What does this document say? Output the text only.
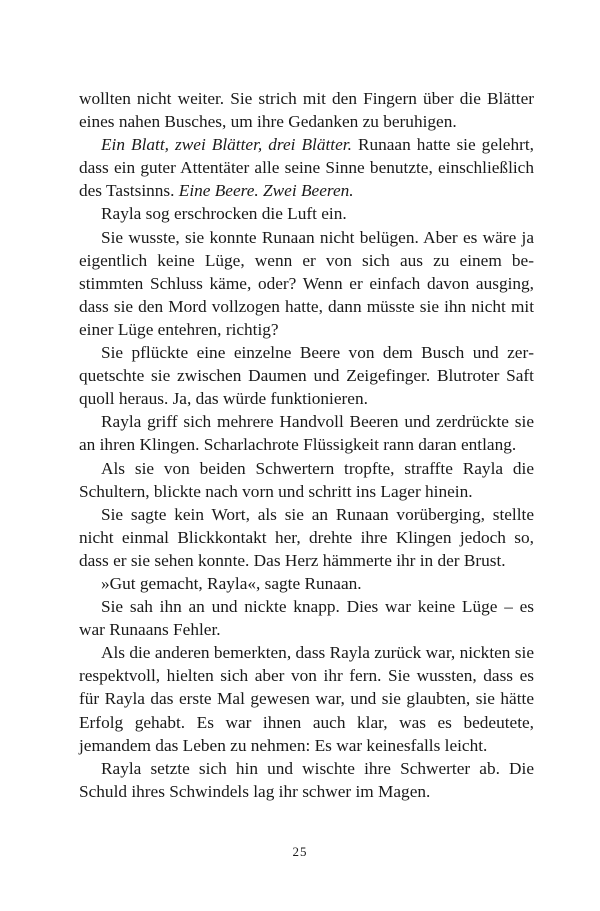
wollten nicht weiter. Sie strich mit den Fingern über die Blätter eines nahen Busches, um ihre Gedanken zu beruhigen.

Ein Blatt, zwei Blätter, drei Blätter. Runaan hatte sie gelehrt, dass ein guter Attentäter alle seine Sinne benutzte, einschließlich des Tastsinns. Eine Beere. Zwei Beeren.

Rayla sog erschrocken die Luft ein.

Sie wusste, sie konnte Runaan nicht belügen. Aber es wäre ja eigentlich keine Lüge, wenn er von sich aus zu einem bestimmten Schluss käme, oder? Wenn er einfach davon ausging, dass sie den Mord vollzogen hatte, dann müsste sie ihn nicht mit einer Lüge entehren, richtig?

Sie pflückte eine einzelne Beere von dem Busch und zerquetschte sie zwischen Daumen und Zeigefinger. Blutroter Saft quoll heraus. Ja, das würde funktionieren.

Rayla griff sich mehrere Handvoll Beeren und zerdrückte sie an ihren Klingen. Scharlachrote Flüssigkeit rann daran entlang.

Als sie von beiden Schwertern tropfte, straffte Rayla die Schultern, blickte nach vorn und schritt ins Lager hinein.

Sie sagte kein Wort, als sie an Runaan vorüberging, stellte nicht einmal Blickkontakt her, drehte ihre Klingen jedoch so, dass er sie sehen konnte. Das Herz hämmerte ihr in der Brust.

»Gut gemacht, Rayla«, sagte Runaan.

Sie sah ihn an und nickte knapp. Dies war keine Lüge – es war Runaans Fehler.

Als die anderen bemerkten, dass Rayla zurück war, nickten sie respektvoll, hielten sich aber von ihr fern. Sie wussten, dass es für Rayla das erste Mal gewesen war, und sie glaubten, sie hätte Erfolg gehabt. Es war ihnen auch klar, was es bedeutete, jemandem das Leben zu nehmen: Es war keinesfalls leicht.

Rayla setzte sich hin und wischte ihre Schwerter ab. Die Schuld ihres Schwindels lag ihr schwer im Magen.

25
